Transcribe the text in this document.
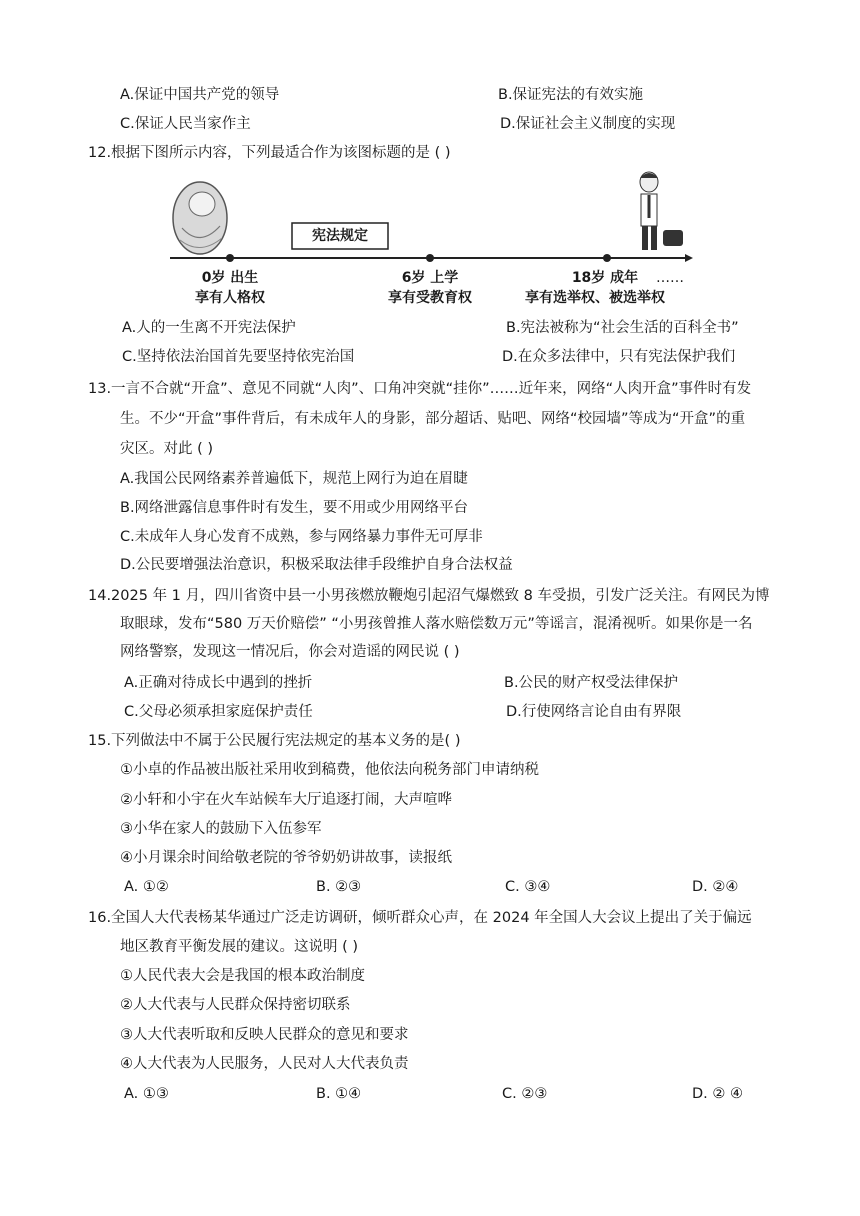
A.保证中国共产党的领导	B.保证宪法的有效实施
C.保证人民当家作主	D.保证社会主义制度的实现
12.根据下图所示内容，下列最适合作为该图标题的是 ( )
宪法规定
0岁 出生
享有人格权
6岁 上学
享有受教育权
18岁 成年
享有选举权、被选举权
……
A.人的一生离不开宪法保护	B.宪法被称为“社会生活的百科全书”
C.坚持依法治国首先要坚持依宪治国	D.在众多法律中，只有宪法保护我们
13.一言不合就“开盒”、意见不同就“人肉”、口角冲突就“挂你”……近年来，网络“人肉开盒”事件时有发
生。不少“开盒”事件背后，有未成年人的身影，部分超话、贴吧、网络“校园墙”等成为“开盒”的重
灾区。对此 ( )
A.我国公民网络素养普遍低下，规范上网行为迫在眉睫
B.网络泄露信息事件时有发生，要不用或少用网络平台
C.未成年人身心发育不成熟，参与网络暴力事件无可厚非
D.公民要增强法治意识，积极采取法律手段维护自身合法权益
14.2025 年 1 月，四川省资中县一小男孩燃放鞭炮引起沼气爆燃致 8 车受损，引发广泛关注。有网民为博
取眼球，发布“580 万天价赔偿” “小男孩曾推人落水赔偿数万元”等谣言，混淆视听。如果你是一名
网络警察，发现这一情况后，你会对造谣的网民说 ( )
A.正确对待成长中遇到的挫折	B.公民的财产权受法律保护
C.父母必须承担家庭保护责任	D.行使网络言论自由有界限
15.下列做法中不属于公民履行宪法规定的基本义务的是( )
①小卓的作品被出版社采用收到稿费，他依法向税务部门申请纳税
②小轩和小宇在火车站候车大厅追逐打闹，大声喧哗
③小华在家人的鼓励下入伍参军
④小月课余时间给敬老院的爷爷奶奶讲故事，读报纸
A. ①②	B. ②③	C. ③④	D. ②④
16.全国人大代表杨某华通过广泛走访调研，倾听群众心声，在 2024 年全国人大会议上提出了关于偏远
地区教育平衡发展的建议。这说明 ( )
①人民代表大会是我国的根本政治制度
②人大代表与人民群众保持密切联系
③人大代表听取和反映人民群众的意见和要求
④人大代表为人民服务，人民对人大代表负责
A. ①③	B. ①④	C. ②③	D. ② ④
